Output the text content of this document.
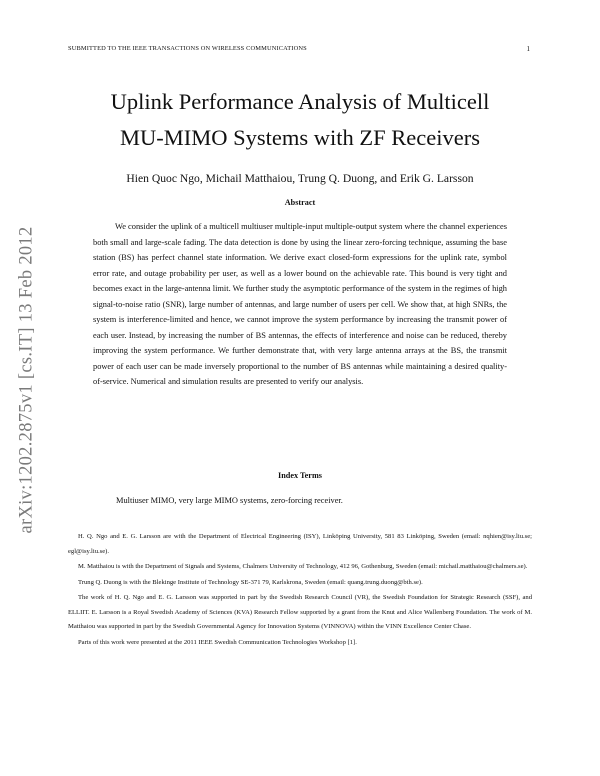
SUBMITTED TO THE IEEE TRANSACTIONS ON WIRELESS COMMUNICATIONS	1
arXiv:1202.2875v1 [cs.IT] 13 Feb 2012
Uplink Performance Analysis of Multicell
MU-MIMO Systems with ZF Receivers
Hien Quoc Ngo, Michail Matthaiou, Trung Q. Duong, and Erik G. Larsson
Abstract

We consider the uplink of a multicell multiuser multiple-input multiple-output system where the channel experiences both small and large-scale fading. The data detection is done by using the linear zero-forcing technique, assuming the base station (BS) has perfect channel state information. We derive exact closed-form expressions for the uplink rate, symbol error rate, and outage probability per user, as well as a lower bound on the achievable rate. This bound is very tight and becomes exact in the large-antenna limit. We further study the asymptotic performance of the system in the regimes of high signal-to-noise ratio (SNR), large number of antennas, and large number of users per cell. We show that, at high SNRs, the system is interference-limited and hence, we cannot improve the system performance by increasing the transmit power of each user. Instead, by increasing the number of BS antennas, the effects of interference and noise can be reduced, thereby improving the system performance. We further demonstrate that, with very large antenna arrays at the BS, the transmit power of each user can be made inversely proportional to the number of BS antennas while maintaining a desired quality-of-service. Numerical and simulation results are presented to verify our analysis.

Index Terms
Multiuser MIMO, very large MIMO systems, zero-forcing receiver.

H. Q. Ngo and E. G. Larsson are with the Department of Electrical Engineering (ISY), Linköping University, 581 83 Linköping, Sweden (email: nqhien@isy.liu.se; egl@isy.liu.se).

M. Matthaiou is with the Department of Signals and Systems, Chalmers University of Technology, 412 96, Gothenburg, Sweden (email: michail.matthaiou@chalmers.se).

Trung Q. Duong is with the Blekinge Institute of Technology SE-371 79, Karlskrona, Sweden (email: quang.trung.duong@bth.se).

The work of H. Q. Ngo and E. G. Larsson was supported in part by the Swedish Research Council (VR), the Swedish Foundation for Strategic Research (SSF), and ELLIIT. E. Larsson is a Royal Swedish Academy of Sciences (KVA) Research Fellow supported by a grant from the Knut and Alice Wallenberg Foundation. The work of M. Matthaiou was supported in part by the Swedish Governmental Agency for Innovation Systems (VINNOVA) within the VINN Excellence Center Chase.

Parts of this work were presented at the 2011 IEEE Swedish Communication Technologies Workshop [1].
